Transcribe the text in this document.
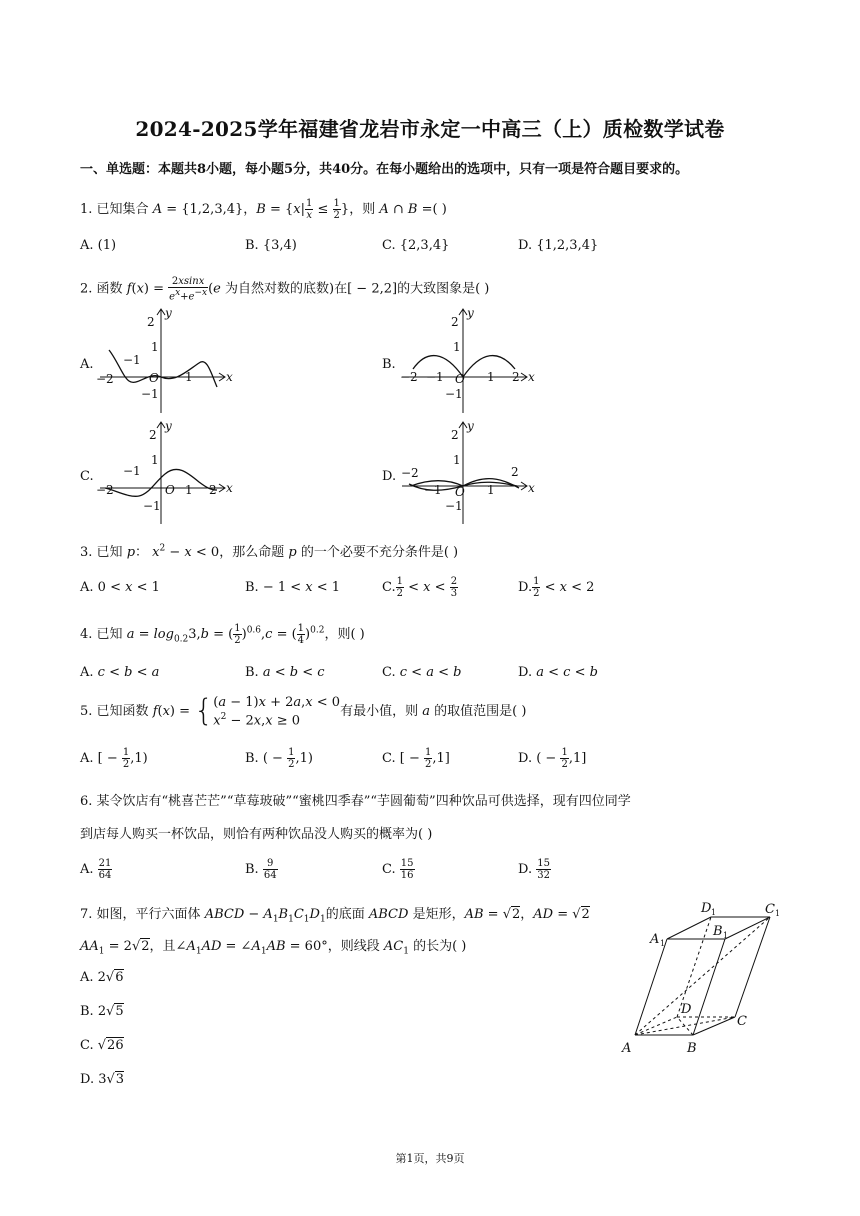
2024-2025学年福建省龙岩市永定一中高三（上）质检数学试卷
一、单选题：本题共8小题，每小题5分，共40分。在每小题给出的选项中，只有一项是符合题目要求的。
1. 已知集合 A = {1,2,3,4}，$B = \{x| \frac{1}{x} \le \frac{1}{2}$ }，则 A ∩ B =( )
A. (1)	B. {3,4)	C. {2,3,4}	D. {1,2,3,4}
2. 函数 $f(x) = \frac{2xsinx}{ex+e-x} (e$ 为自然对数的底数)在[ − 2,2]的大致图象是( )
A.	B.
C.	D.
y
x
2
1
−1
−1
−2	O 1
y
x
2
1
−1
−2 −1 O 1 2
y
x
2
1
−1
−1
−2	O 1 2
y
x
2
1
−1
−2
−1 O 1
2
3. 已知 p： $x^2 - x < 0$，那么命题 p 的一个必要不充分条件是( )
A. 0 < x < 1	B. − 1 < x < 1	C. $\frac{1}{2} < x < \frac{2}{3}$	D. $\frac{1}{2} < x < 2$
4. 已知 $a = \log_{0.2}3,b$ = ( $\frac{1}{2} )^{0.6},c$ = ( $\frac{1}{4} )^{0.2}$，则( )
A. c < b < a	B. a < b < c	C. c < a < b	D. a < c < b
5. 已知函数 f(x) = { (a − 1)x + 2a,x < 0
$x^2 - 2x,x \ge 0$
有最小值，则 a 的取值范围是( )
A. [ − $\frac{1}{2} ,1$)	B. ( − $\frac{1}{2} ,1$)	C. [ − $\frac{1}{2} ,1$]	D. ( − $\frac{1}{2} ,1$]
6. 某令饮店有“桃喜芒芒”“草莓玻破”“蜜桃四季春”“芋圆葡萄”四种饮品可供选择，现有四位同学
到店每人购买一杯饮品，则恰有两种饮品没人购买的概率为( )
A. $\frac{21}{64}$	B. $\frac{9}{64}$	C. $\frac{15}{16}$	D. $\frac{15}{32}$
7. 如图，平行六面体 ABCD − $A_1B_1C_1D_1$的底面 ABCD 是矩形，AB = √2，AD = √2
$AA_1 = 2√2$，且$\angle A_1AD$ = $\angle A_1AB = 60^\circ$，则线段 $AC_1$ 的长为( )
A. 2√6
B. 2√5
C. √26
D. 3√3
A	B
C
D
A
B
C
D
1
1
1
1
第1页，共9页
